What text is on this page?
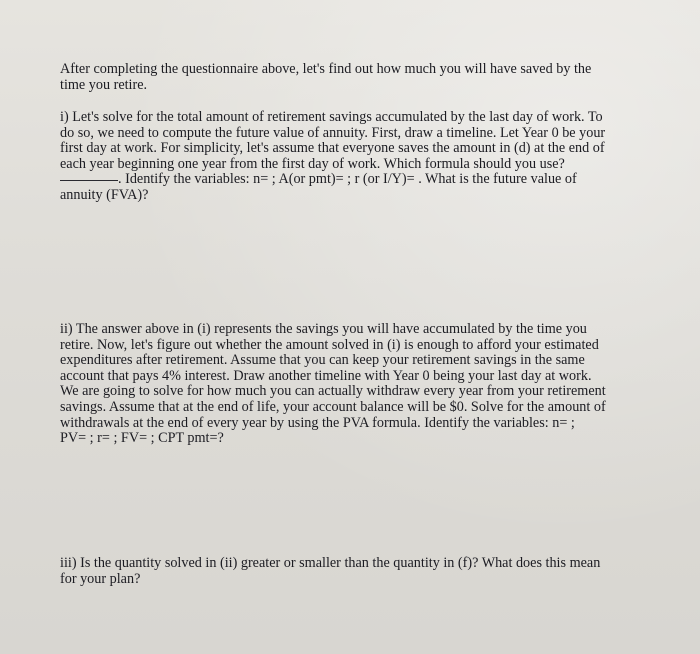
After completing the questionnaire above, let's find out how much you will have saved by the
time you retire.
i) Let's solve for the total amount of retirement savings accumulated by the last day of work. To
do so, we need to compute the future value of annuity. First, draw a timeline. Let Year 0 be your
first day at work. For simplicity, let's assume that everyone saves the amount in (d) at the end of
each year beginning one year from the first day of work. Which formula should you use?
. Identify the variables: n= ; A(or pmt)= ; r (or I/Y)= . What is the future value of
annuity (FVA)?
ii) The answer above in (i) represents the savings you will have accumulated by the time you
retire. Now, let's figure out whether the amount solved in (i) is enough to afford your estimated
expenditures after retirement. Assume that you can keep your retirement savings in the same
account that pays 4% interest. Draw another timeline with Year 0 being your last day at work.
We are going to solve for how much you can actually withdraw every year from your retirement
savings. Assume that at the end of life, your account balance will be $0. Solve for the amount of
withdrawals at the end of every year by using the PVA formula. Identify the variables: n= ;
PV= ; r= ; FV= ; CPT pmt=?
iii) Is the quantity solved in (ii) greater or smaller than the quantity in (f)? What does this mean
for your plan?
